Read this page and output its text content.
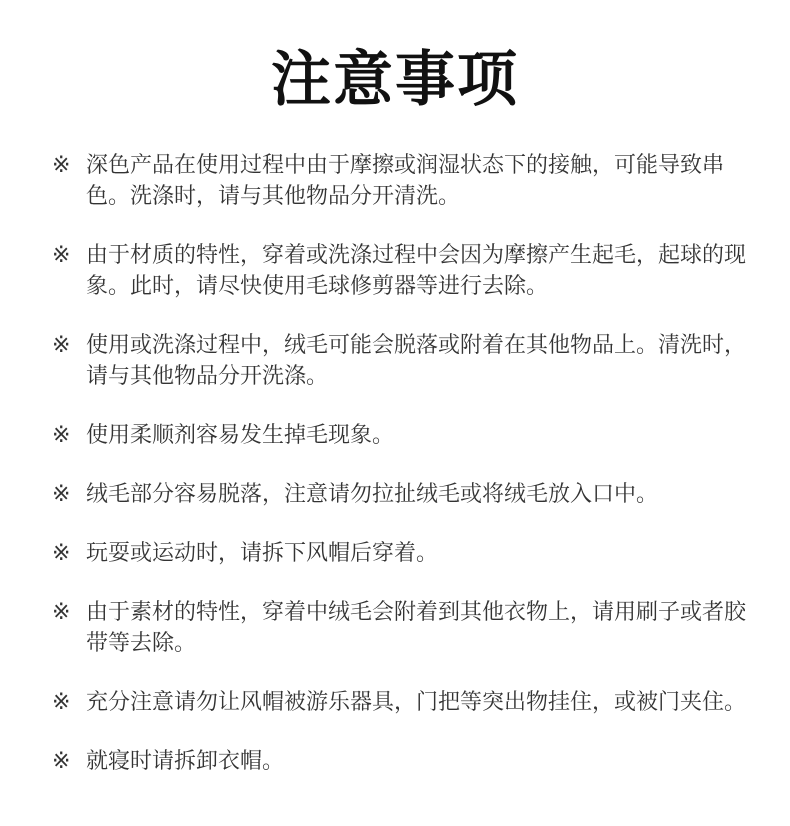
注意事项
※ 深色产品在使用过程中由于摩擦或润湿状态下的接触，可能导致串色。洗涤时，请与其他物品分开清洗。
※ 由于材质的特性，穿着或洗涤过程中会因为摩擦产生起毛，起球的现象。此时，请尽快使用毛球修剪器等进行去除。
※ 使用或洗涤过程中，绒毛可能会脱落或附着在其他物品上。清洗时，请与其他物品分开洗涤。
※ 使用柔顺剂容易发生掉毛现象。
※ 绒毛部分容易脱落，注意请勿拉扯绒毛或将绒毛放入口中。
※ 玩耍或运动时，请拆下风帽后穿着。
※ 由于素材的特性，穿着中绒毛会附着到其他衣物上，请用刷子或者胶带等去除。
※ 充分注意请勿让风帽被游乐器具，门把等突出物挂住，或被门夹住。
※ 就寝时请拆卸衣帽。
